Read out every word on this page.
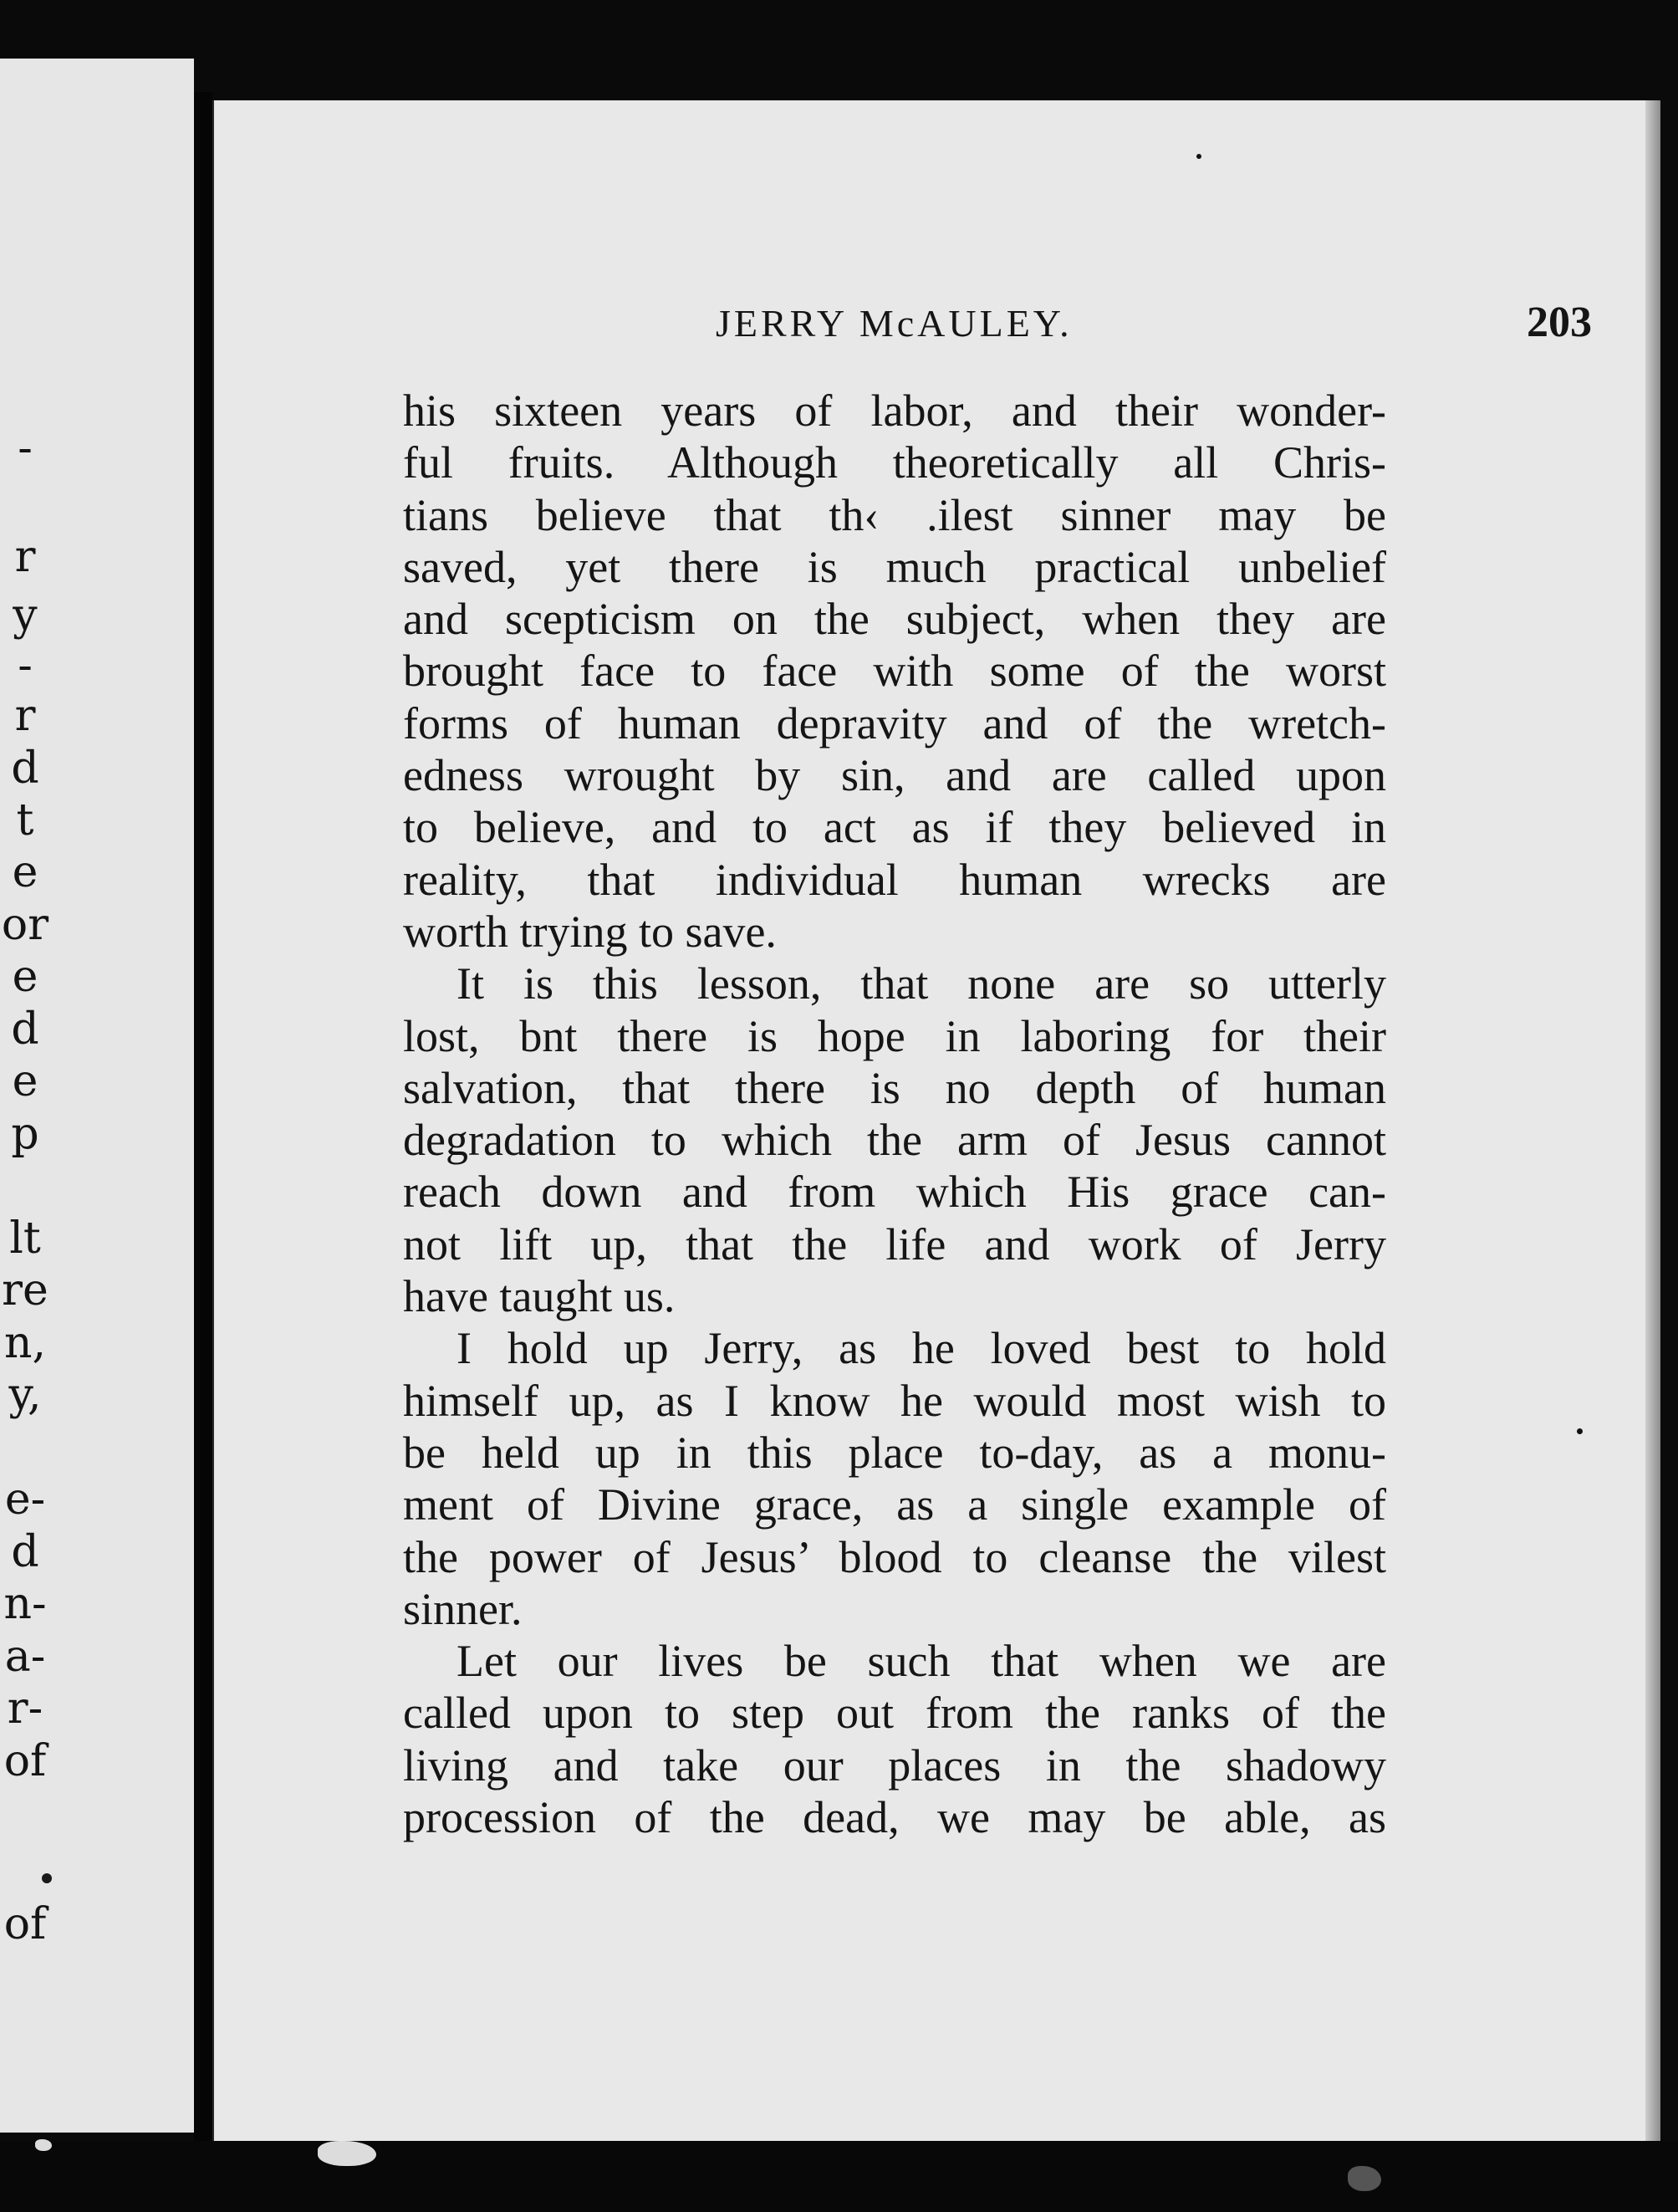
-
r
y
-
r
d
t
e
or
e
d
e
p
lt
re
n,
y,
e-
d
n-
a-
r-
of
of
JERRY McAULEY.	203
his sixteen years of labor, and their wonder-
ful fruits. Although theoretically all Chris-
tians believe that th‹ .ilest sinner may be
saved, yet there is much practical unbelief
and scepticism on the subject, when they are
brought face to face with some of the worst
forms of human depravity and of the wretch-
edness wrought by sin, and are called upon
to believe, and to act as if they believed in
reality, that individual human wrecks are
worth trying to save.
It is this lesson, that none are so utterly
lost, bnt there is hope in laboring for their
salvation, that there is no depth of human
degradation to which the arm of Jesus cannot
reach down and from which His grace can-
not lift up, that the life and work of Jerry
have taught us.
I hold up Jerry, as he loved best to hold
himself up, as I know he would most wish to
be held up in this place to-day, as a monu-
ment of Divine grace, as a single example of
the power of Jesus’ blood to cleanse the vilest
sinner.
Let our lives be such that when we are
called upon to step out from the ranks of the
living and take our places in the shadowy
procession of the dead, we may be able, as
